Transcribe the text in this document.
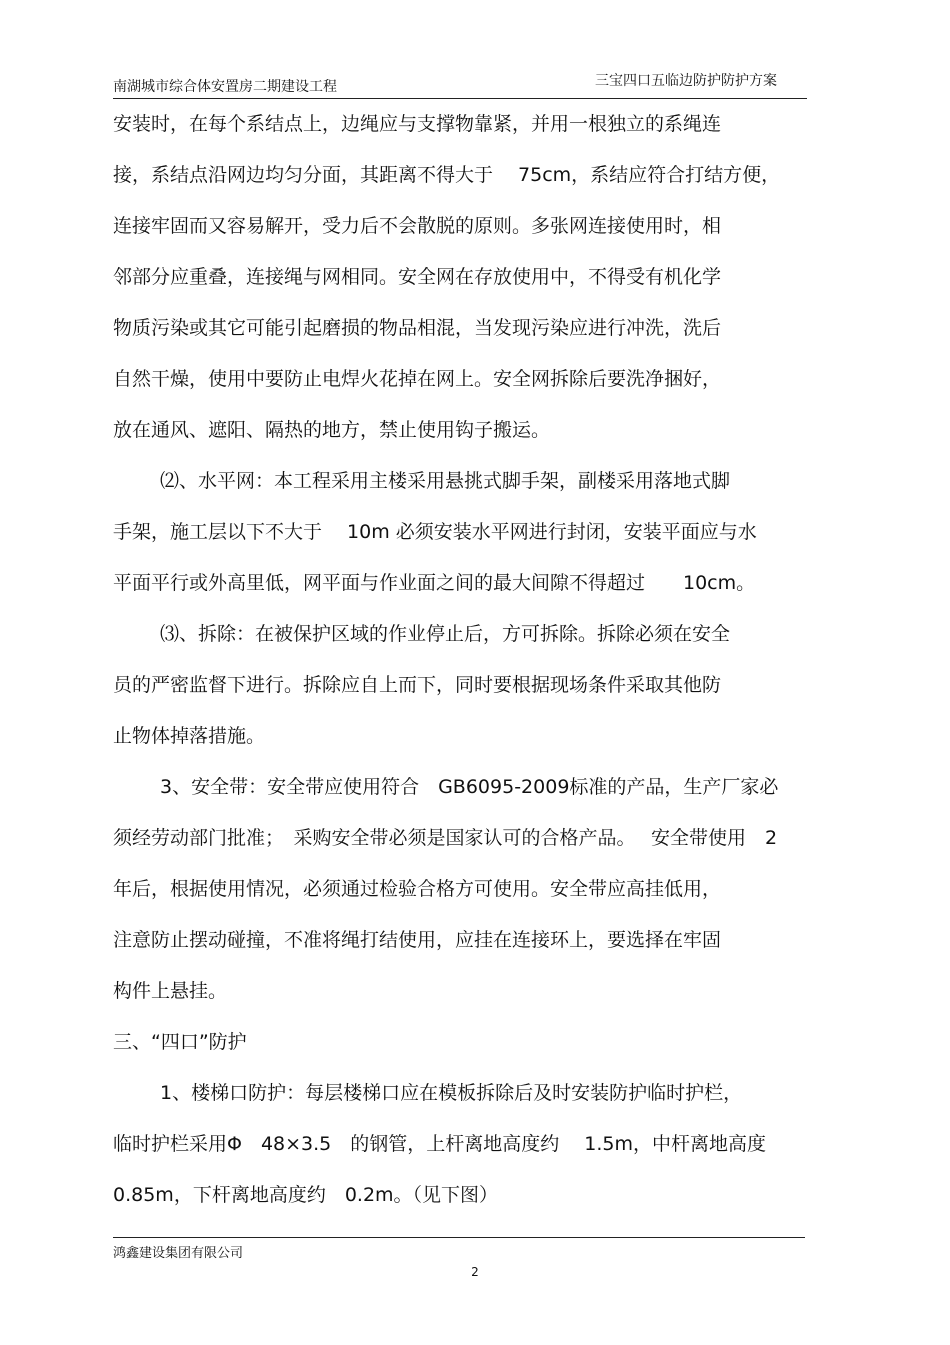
南湖城市综合体安置房二期建设工程	三宝四口五临边防护防护方案
安装时，在每个系结点上，边绳应与支撑物靠紧，并用一根独立的系绳连
接，系结点沿网边均匀分面，其距离不得大于　 75cm，系结应符合打结方便，
连接牢固而又容易解开，受力后不会散脱的原则。多张网连接使用时，相
邻部分应重叠，连接绳与网相同。安全网在存放使用中，不得受有机化学
物质污染或其它可能引起磨损的物品相混，当发现污染应进行冲洗，洗后
自然干燥，使用中要防止电焊火花掉在网上。安全网拆除后要洗净捆好，
放在通风、遮阳、隔热的地方，禁止使用钩子搬运。
⑵、水平网：本工程采用主楼采用悬挑式脚手架，副楼采用落地式脚
手架，施工层以下不大于　 10m 必须安装水平网进行封闭，安装平面应与水
平面平行或外高里低，网平面与作业面之间的最大间隙不得超过　　10cm。
⑶、拆除：在被保护区域的作业停止后，方可拆除。拆除必须在安全
员的严密监督下进行。拆除应自上而下，同时要根据现场条件采取其他防
止物体掉落措施。
3、安全带：安全带应使用符合　GB6095-2009标准的产品，生产厂家必
须经劳动部门批准；　采购安全带必须是国家认可的合格产品。　 安全带使用　2
年后，根据使用情况，必须通过检验合格方可使用。安全带应高挂低用，
注意防止摆动碰撞，不准将绳打结使用，应挂在连接环上，要选择在牢固
构件上悬挂。
三、“四口”防护
1、楼梯口防护：每层楼梯口应在模板拆除后及时安装防护临时护栏，
临时护栏采用Φ　48×3.5　的钢管，上杆离地高度约　 1.5m，中杆离地高度
0.85m，下杆离地高度约　0.2m。（见下图）
鸿鑫建设集团有限公司
2
